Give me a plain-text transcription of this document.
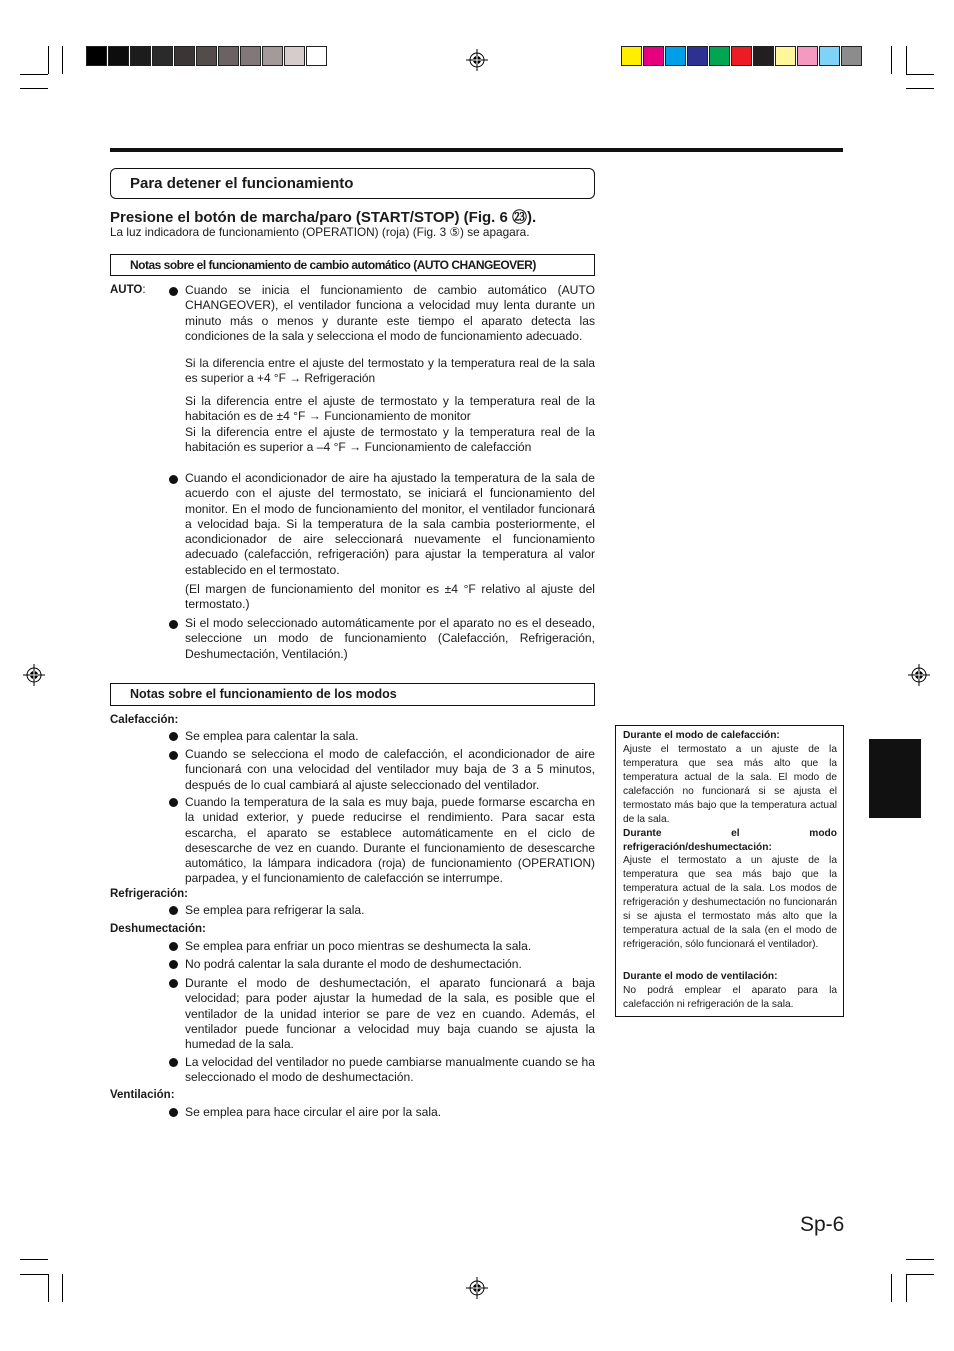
Para detener el funcionamiento
Presione el botón de marcha/paro (START/STOP) (Fig. 6 ㉓).
La luz indicadora de funcionamiento (OPERATION) (roja) (Fig. 3 ⑤) se apagara.
Notas sobre el funcionamiento de cambio automático (AUTO CHANGEOVER)
AUTO:	Cuando se inicia el funcionamiento de cambio automático (AUTO CHANGEOVER), el ventilador funciona a velocidad muy lenta durante un minuto más o menos y durante este tiempo el aparato detecta las condiciones de la sala y selecciona el modo de funcionamiento adecuado.
Si la diferencia entre el ajuste del termostato y la temperatura real de la sala es superior a +4 °F → Refrigeración
Si la diferencia entre el ajuste de termostato y la temperatura real de la habitación es de ±4 °F → Funcionamiento de monitor
Si la diferencia entre el ajuste de termostato y la temperatura real de la habitación es superior a –4 °F → Funcionamiento de calefacción
Cuando el acondicionador de aire ha ajustado la temperatura de la sala de acuerdo con el ajuste del termostato, se iniciará el funcionamiento del monitor. En el modo de funcionamiento del monitor, el ventilador funcionará a velocidad baja. Si la temperatura de la sala cambia posteriormente, el acondicionador de aire seleccionará nuevamente el funcionamiento adecuado (calefacción, refrigeración) para ajustar la temperatura al valor establecido en el termostato.
(El margen de funcionamiento del monitor es ±4 °F relativo al ajuste del termostato.)
Si el modo seleccionado automáticamente por el aparato no es el deseado, seleccione un modo de funcionamiento (Calefacción, Refrigeración, Deshumectación, Ventilación.)
Notas sobre el funcionamiento de los modos
Calefacción:
Se emplea para calentar la sala.
Cuando se selecciona el modo de calefacción, el acondicionador de aire funcionará con una velocidad del ventilador muy baja de 3 a 5 minutos, después de lo cual cambiará al ajuste seleccionado del ventilador.
Cuando la temperatura de la sala es muy baja, puede formarse escarcha en la unidad exterior, y puede reducirse el rendimiento. Para sacar esta escarcha, el aparato se establece automáticamente en el ciclo de desescarche de vez en cuando. Durante el funcionamiento de desescarche automático, la lámpara indicadora (roja) de funcionamiento (OPERATION) parpadea, y el funcionamiento de calefacción se interrumpe.
Refrigeración:
Se emplea para refrigerar la sala.
Deshumectación:
Se emplea para enfriar un poco mientras se deshumecta la sala.
No podrá calentar la sala durante el modo de deshumectación.
Durante el modo de deshumectación, el aparato funcionará a baja velocidad; para poder ajustar la humedad de la sala, es posible que el ventilador de la unidad interior se pare de vez en cuando. Además, el ventilador puede funcionar a velocidad muy baja cuando se ajusta la humedad de la sala.
La velocidad del ventilador no puede cambiarse manualmente cuando se ha seleccionado el modo de deshumectación.
Ventilación:
Se emplea para hace circular el aire por la sala.
Durante el modo de calefacción:
Ajuste el termostato a un ajuste de la temperatura que sea más alto que la temperatura actual de la sala. El modo de calefacción no funcionará si se ajusta el termostato más bajo que la temperatura actual de la sala.
Durante el modo refrigeración/deshumectación:
Ajuste el termostato a un ajuste de la temperatura que sea más bajo que la temperatura actual de la sala. Los modos de refrigeración y deshumectación no funcionarán si se ajusta el termostato más alto que la temperatura actual de la sala (en el modo de refrigeración, sólo funcionará el ventilador).
Durante el modo de ventilación:
No podrá emplear el aparato para la calefacción ni refrigeración de la sala.
Sp-6
